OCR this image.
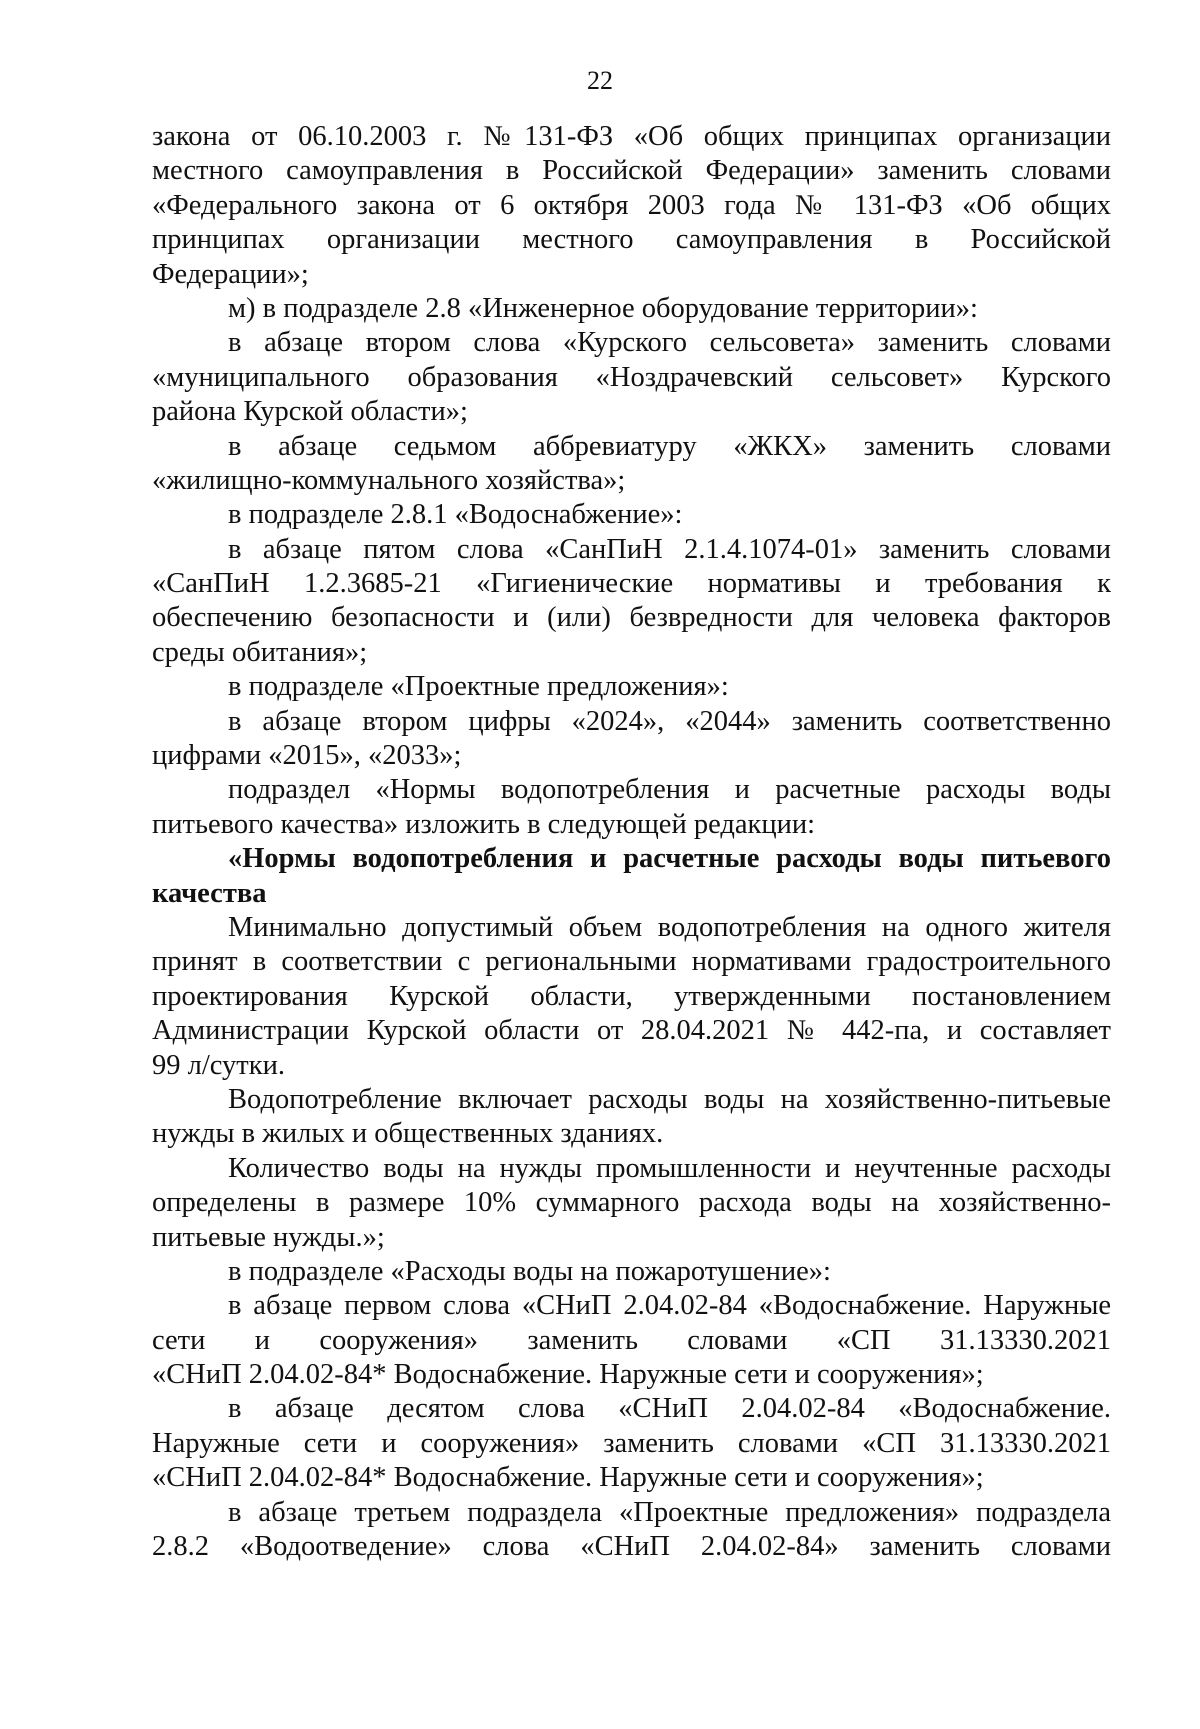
22
закона от 06.10.2003 г. №131-ФЗ «Об общих принципах организации
местного самоуправления в Российской Федерации» заменить словами
«Федерального закона от 6 октября 2003 года № 131-ФЗ «Об общих
принципах организации местного самоуправления в Российской
Федерации»;
м) в подразделе 2.8 «Инженерное оборудование территории»:
в абзаце втором слова «Курского сельсовета» заменить словами
«муниципального образования «Ноздрачевский сельсовет» Курского
района Курской области»;
в абзаце седьмом аббревиатуру «ЖКХ» заменить словами
«жилищно-коммунального хозяйства»;
в подразделе 2.8.1 «Водоснабжение»:
в абзаце пятом слова «СанПиН 2.1.4.1074-01» заменить словами
«СанПиН 1.2.3685-21 «Гигиенические нормативы и требования к
обеспечению безопасности и (или) безвредности для человека факторов
среды обитания»;
в подразделе «Проектные предложения»:
в абзаце втором цифры «2024», «2044» заменить соответственно
цифрами «2015», «2033»;
подраздел «Нормы водопотребления и расчетные расходы воды
питьевого качества» изложить в следующей редакции:
«Нормы водопотребления и расчетные расходы воды питьевого
качества
Минимально допустимый объем водопотребления на одного жителя
принят в соответствии с региональными нормативами градостроительного
проектирования Курской области, утвержденными постановлением
Администрации Курской области от 28.04.2021 № 442-па, и составляет
99 л/сутки.
Водопотребление включает расходы воды на хозяйственно-питьевые
нужды в жилых и общественных зданиях.
Количество воды на нужды промышленности и неучтенные расходы
определены в размере 10% суммарного расхода воды на хозяйственно-
питьевые нужды.»;
в подразделе «Расходы воды на пожаротушение»:
в абзаце первом слова «СНиП 2.04.02-84 «Водоснабжение. Наружные
сети и сооружения» заменить словами «СП 31.13330.2021
«СНиП 2.04.02-84* Водоснабжение. Наружные сети и сооружения»;
в абзаце десятом слова «СНиП 2.04.02-84 «Водоснабжение.
Наружные сети и сооружения» заменить словами «СП 31.13330.2021
«СНиП 2.04.02-84* Водоснабжение. Наружные сети и сооружения»;
в абзаце третьем подраздела «Проектные предложения» подраздела
2.8.2 «Водоотведение» слова «СНиП 2.04.02-84» заменить словами
